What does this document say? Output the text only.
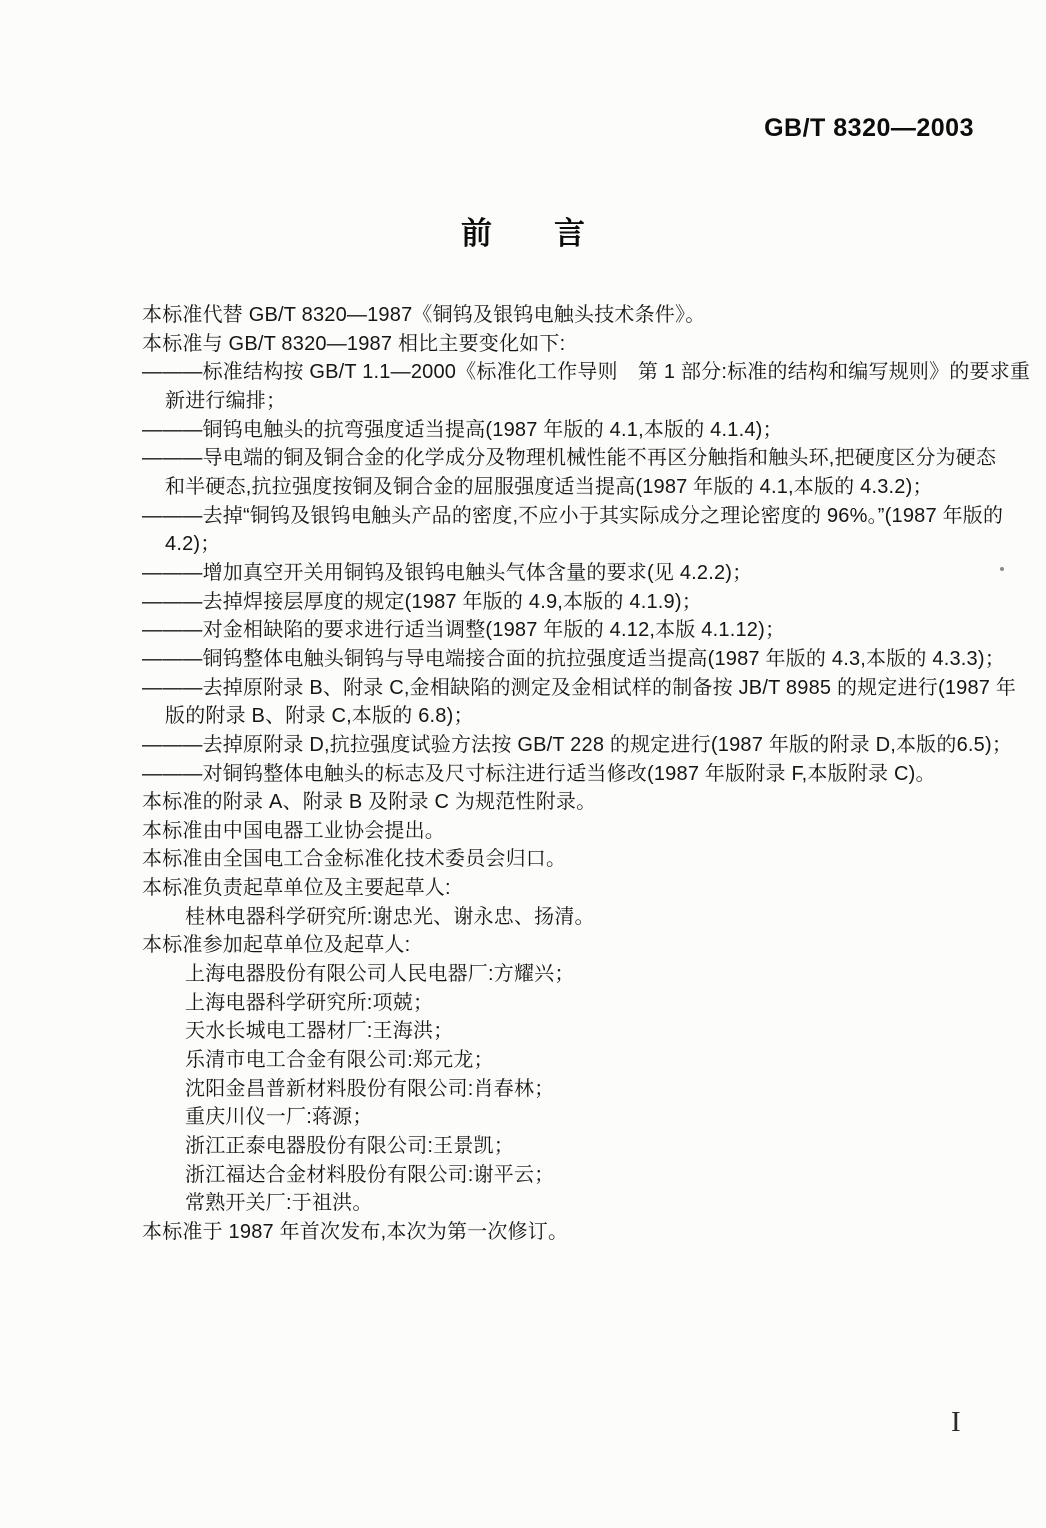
GB/T 8320—2003
前 言
本标准代替 GB/T 8320—1987《铜钨及银钨电触头技术条件》。
本标准与 GB/T 8320—1987 相比主要变化如下:
———标准结构按 GB/T 1.1—2000《标准化工作导则　第 1 部分:标准的结构和编写规则》的要求重
新进行编排；
———铜钨电触头的抗弯强度适当提高(1987 年版的 4.1,本版的 4.1.4)；
———导电端的铜及铜合金的化学成分及物理机械性能不再区分触指和触头环,把硬度区分为硬态
和半硬态,抗拉强度按铜及铜合金的屈服强度适当提高(1987 年版的 4.1,本版的 4.3.2)；
———去掉“铜钨及银钨电触头产品的密度,不应小于其实际成分之理论密度的 96%。”(1987 年版的
4.2)；
———增加真空开关用铜钨及银钨电触头气体含量的要求(见 4.2.2)；
———去掉焊接层厚度的规定(1987 年版的 4.9,本版的 4.1.9)；
———对金相缺陷的要求进行适当调整(1987 年版的 4.12,本版 4.1.12)；
———铜钨整体电触头铜钨与导电端接合面的抗拉强度适当提高(1987 年版的 4.3,本版的 4.3.3)；
———去掉原附录 B、附录 C,金相缺陷的测定及金相试样的制备按 JB/T 8985 的规定进行(1987 年
版的附录 B、附录 C,本版的 6.8)；
———去掉原附录 D,抗拉强度试验方法按 GB/T 228 的规定进行(1987 年版的附录 D,本版的6.5)；
———对铜钨整体电触头的标志及尺寸标注进行适当修改(1987 年版附录 F,本版附录 C)。
本标准的附录 A、附录 B 及附录 C 为规范性附录。
本标准由中国电器工业协会提出。
本标准由全国电工合金标准化技术委员会归口。
本标准负责起草单位及主要起草人:
桂林电器科学研究所:谢忠光、谢永忠、扬清。
本标准参加起草单位及起草人:
上海电器股份有限公司人民电器厂:方耀兴；
上海电器科学研究所:项兢；
天水长城电工器材厂:王海洪；
乐清市电工合金有限公司:郑元龙；
沈阳金昌普新材料股份有限公司:肖春林；
重庆川仪一厂:蒋源；
浙江正泰电器股份有限公司:王景凯；
浙江福达合金材料股份有限公司:谢平云；
常熟开关厂:于祖洪。
本标准于 1987 年首次发布,本次为第一次修订。
I
